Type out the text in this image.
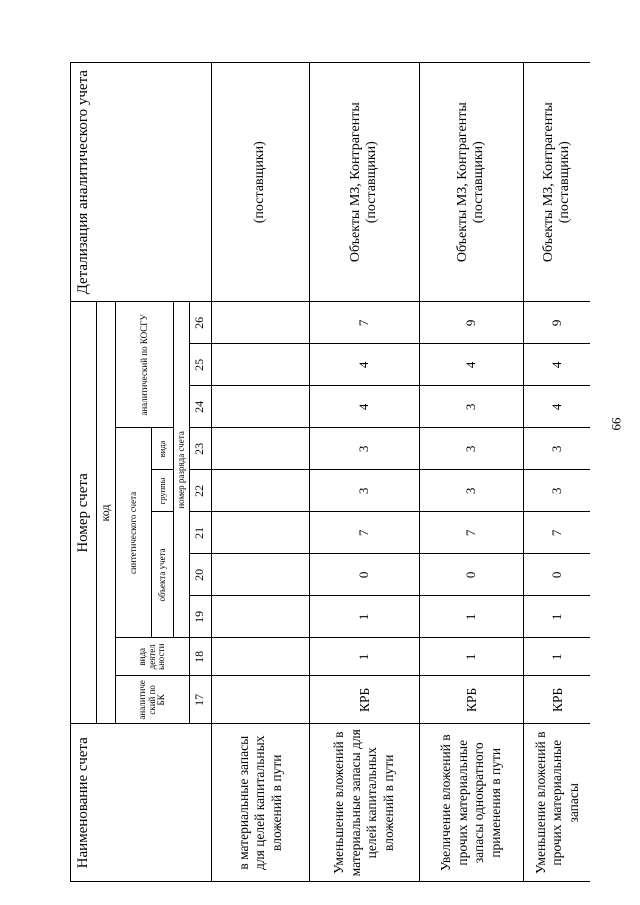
99
Наименование счета	Номер счета										Детализация аналитического учета
	код										
	аналитиче ский по БК	вида деятел ьности	синтетического счета					аналитический по КОСГУ			
			объекта учета			группы	вида				
			номер разряда счета								
	17	18	19	20	21	22	23	24	25	26	
в материальные запасы для целей капитальных вложений в пути											(поставщики)
Уменьшение вложений в материальные запасы для целей капитальных вложений в пути	КРБ	1	1	0	7	3	3	4	4	7	Объекты МЗ, Контрагенты (поставщики)
Увеличение вложений в прочих материальные запасы однократного применения в пути	КРБ	1	1	0	7	3	3	3	4	9	Объекты МЗ, Контрагенты (поставщики)
Уменьшение вложений в прочих материальные запасы	КРБ	1	1	0	7	3	3	4	4	9	Объекты МЗ, Контрагенты (поставщики)
